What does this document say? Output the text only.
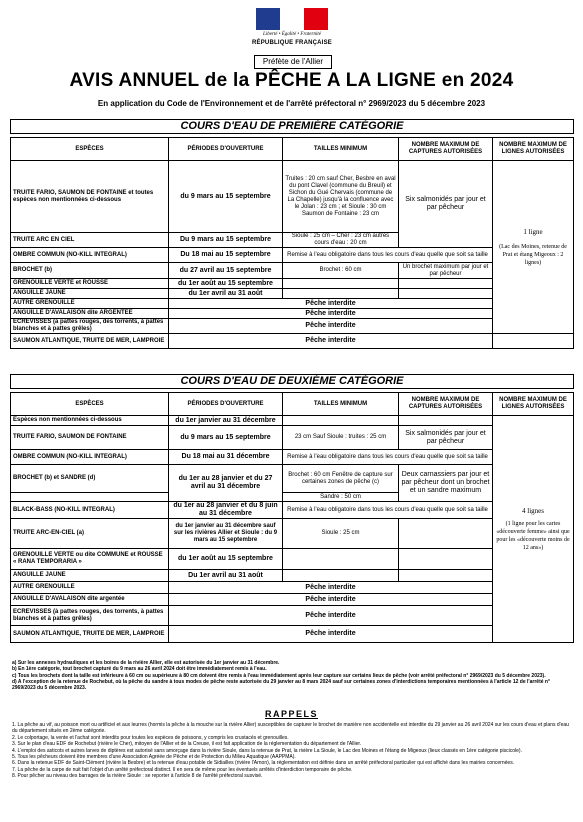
Liberté • Égalité • Fraternité
RÉPUBLIQUE FRANÇAISE
Préfète de l'Allier
AVIS ANNUEL de la PÊCHE A LA LIGNE en 2024
En application du Code de l'Environnement et de l'arrêté préfectoral n° 2969/2023 du 5 décembre 2023
COURS D'EAU DE PREMIÈRE CATÉGORIE
ESPÈCES	PÉRIODES D'OUVERTURE	TAILLES MINIMUM	NOMBRE MAXIMUM DE CAPTURES AUTORISÉES	NOMBRE MAXIMUM DE LIGNES AUTORISÉES
TRUITE FARIO, SAUMON DE FONTAINE et toutes espèces non mentionnées ci-dessous	du 9 mars au 15 septembre	Truites : 20 cm sauf Cher, Besbre en aval du pont Clavel (commune du Breuil) et Sichon du Gué Chervais (commune de La Chapelle) jusqu'à la confluence avec le Jolan : 23 cm ; et Sioule : 30 cm Saumon de Fontaine : 23 cm	Six salmonidés par jour et par pêcheur	1 ligne
(Lac des Moines, retenue de Prat et étang Migeoux : 2 lignes)

TRUITE ARC EN CIEL	Du 9 mars au 15 septembre	Sioule : 25 cm – Cher : 23 cm autres cours d'eau : 20 cm		
OMBRE COMMUN (NO-KILL INTEGRAL)	Du 18 mai au 15 septembre	Remise à l'eau obligatoire dans tous les cours d'eau quelle que soit sa taille		
BROCHET (b)	du 27 avril au 15 septembre	Brochet : 60 cm	Un brochet maximum par jour et par pêcheur	
GRENOUILLE VERTE et ROUSSE	du 1er août au 15 septembre			
ANGUILLE JAUNE	du 1er avril au 31 août			
AUTRE GRENOUILLE	Pêche interdite			
ANGUILLE D'AVALAISON dite ARGENTEE	Pêche interdite			
ECREVISSES (à pattes rouges, des torrents, à pattes blanches et à pattes grêles)	Pêche interdite			
SAUMON ATLANTIQUE, TRUITE DE MER, LAMPROIE	Pêche interdite			
COURS D'EAU DE DEUXIÈME CATÉGORIE
ESPÈCES	PÉRIODES D'OUVERTURE	TAILLES MINIMUM	NOMBRE MAXIMUM DE CAPTURES AUTORISÉES	NOMBRE MAXIMUM DE LIGNES AUTORISÉES
Espèces non mentionnées ci-dessous	du 1er janvier au 31 décembre			4 lignes
(1 ligne pour les cartes «découverte femme» ainsi que pour les «découverte moins de 12 ans»)

TRUITE FARIO, SAUMON DE FONTAINE	du 9 mars au 15 septembre	23 cm Sauf Sioule : truites : 25 cm	Six salmonidés par jour et par pêcheur	
OMBRE COMMUN (NO-KILL INTEGRAL)	Du 18 mai au 31 décembre	Remise à l'eau obligatoire dans tous les cours d'eau quelle que soit sa taille		
BROCHET (b) et SANDRE (d)	du 1er au 28 janvier et du 27 avril au 31 décembre	Brochet : 60 cm Fenêtre de capture sur certaines zones de pêche (c)	Deux carnassiers par jour et par pêcheur dont un brochet et un sandre maximum	
		Sandre : 50 cm		
BLACK-BASS (NO-KILL INTEGRAL)	du 1er au 28 janvier et du 8 juin au 31 décembre	Remise à l'eau obligatoire dans tous les cours d'eau quelle que soit sa taille		
TRUITE ARC-EN-CIEL (a)	du 1er janvier au 31 décembre sauf sur les rivières Allier et Sioule : du 9 mars au 15 septembre	Sioule : 25 cm		
GRENOUILLE VERTE ou dite COMMUNE et ROUSSE « RANA TEMPORARIA »	du 1er août au 15 septembre			
ANGUILLE JAUNE	Du 1er avril au 31 août			
AUTRE GRENOUILLE	Pêche interdite			
ANGUILLE D'AVALAISON dite argentée	Pêche interdite			
ECREVISSES (à pattes rouges, des torrents, à pattes blanches et à pattes grêles)	Pêche interdite			
SAUMON ATLANTIQUE, TRUITE DE MER, LAMPROIE	Pêche interdite			
a) Sur les annexes hydrauliques et les boires de la rivière Allier, elle est autorisée du 1er janvier au 31 décembre.
b) En 1ère catégorie, tout brochet capturé du 9 mars au 26 avril 2024 doit être immédiatement remis à l'eau.
c) Tous les brochets dont la taille est inférieure à 60 cm ou supérieure à 80 cm doivent être remis à l'eau immédiatement après leur capture sur certains lieux de pêche (voir arrêté préfectoral n° 2969/2023 du 5 décembre 2023).
d) A l'exception de la retenue de Rochebut, où la pêche du sandre à tous modes de pêche reste autorisée du 29 janvier au 8 mars 2024 sauf sur certaines zones d'interdictions temporaires mentionnées à l'article 12 de l'arrêté n° 2969/2023 du 5 décembre 2023.
RAPPELS
1. La pêche au vif, au poisson mort ou artificiel et aux leurres (hormis la pêche à la mouche sur la rivière Allier) susceptibles de capturer le brochet de manière non accidentelle est interdite du 29 janvier au 26 avril 2024 sur les cours d'eau et plans d'eau du département situés en 2ème catégorie.
2. Le colportage, la vente et l'achat sont interdits pour toutes les espèces de poissons, y compris les crustacés et grenouilles.
3. Sur le plan d'eau EDF de Rochebut (rivière le Cher), mitoyen de l'Allier et de la Creuse, il est fait application de la réglementation du département de l'Allier.
4. L'emploi des asticots et autres larves de diptères est autorisé sans amorçage dans la rivière Sioule, dans la retenue de Prat, la rivière La Sioule, le Lac des Moines et l'étang de Migeoux (lieux classés en 1ère catégorie piscicole).
5. Tous les pêcheurs doivent être membres d'une Association Agréée de Pêche et de Protection du Milieu Aquatique (AAPPMA).
6. Dans la retenue EDF de Saint-Clément (rivière la Besbre) et la retenue d'eau potable de Sidiailles (rivière l'Arnon), la réglementation est définie dans un arrêté préfectoral particulier qui est affiché dans les mairies concernées.
7. La pêche de la carpe de nuit fait l'objet d'un arrêté préfectoral distinct. Il en sera de même pour les éventuels arrêtés d'interdiction temporaire de pêche.
8. Pour pêcher au niveau des barrages de la rivière Sioule : se reporter à l'article 8 de l'arrêté préfectoral susvisé.
